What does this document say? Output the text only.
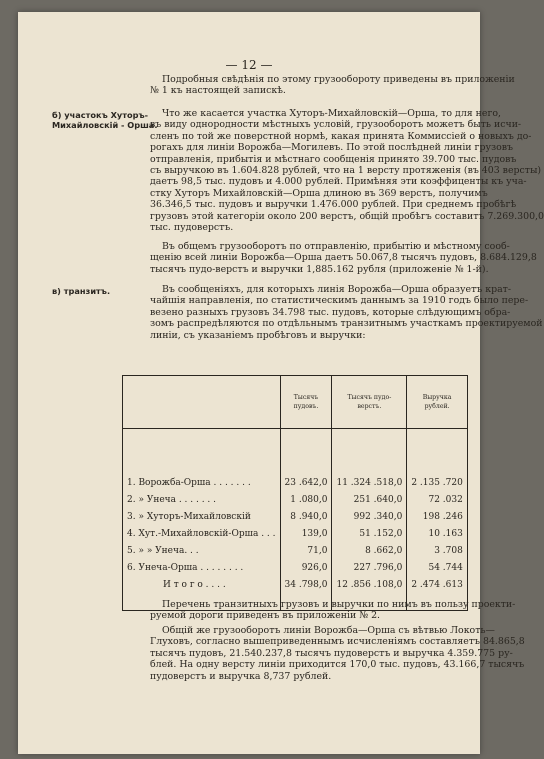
— 12 —
Подробныя свѣдѣнія по этому грузообороту приведены въ приложеніи
№ 1 къ настоящей запискѣ.
б) участокъ Хуторъ-
Михайловскій - Орша.
Что же касается участка Хуторъ-Михайловскій—Орша, то для него,
въ виду однородности мѣстныхъ условій, грузооборотъ можетъ быть исчи-
сленъ по той же поверстной нормѣ, какая принята Коммиссіей о новыхъ до-
рогахъ для линіи Ворожба—Могилевъ. По этой послѣдней линіи грузовъ
отправленія, прибытія и мѣстнаго сообщенія принято 39.700 тыс. пудовъ
съ выручкою въ 1.604.828 рублей, что на 1 версту протяженія (въ 403 версты)
даетъ 98,5 тыс. пудовъ и 4.000 рублей. Примѣняя эти коэффиценты къ уча-
стку Хуторъ Михайловскій—Орша длиною въ 369 верстъ, получимъ
36.346,5 тыс. пудовъ и выручки 1.476.000 рублей. При среднемъ пробѣгѣ
грузовъ этой категоріи около 200 верстъ, общій пробѣгъ составитъ 7.269.300,0
тыс. пудоверстъ.
Въ общемъ грузооборотъ по отправленію, прибытію и мѣстному сооб-
щенію всей линіи Ворожба—Орша даетъ 50.067,8 тысячъ пудовъ, 8.684.129,8
тысячъ пудо-верстъ и выручки 1,885.162 рубля (приложеніе № 1-й).
в) транзитъ.	Въ сообщеніяхъ, для которыхъ линія Ворожба—Орша образуетъ крат-
чайшія направленія, по статистическимъ даннымъ за 1910 годъ было пере-
везено разныхъ грузовъ 34.798 тыс. пудовъ, которые слѣдующимъ обра-
зомъ распредѣляются по отдѣльнымъ транзитнымъ участкамъ проектируемой
линіи, съ указаніемъ пробѣговъ и выручки:
	Тысячъ пудовъ.	Тысячъ пудо-верстъ.	Выручка рублей.

1. Ворожба-Орша . . . . . . .	23 .642,0	11 .324 .518,0	2 .135 .720
2. » Унеча . . . . . . .	1 .080,0	251 .640,0	72 .032
3. » Хуторъ-Михайловскій	8 .940,0	992 .340,0	198 .246
4. Хут.-Михайловскій-Орша . . .	139,0	51 .152,0	10 .163
5. » » Унеча. . .	71,0	8 .662,0	3 .708
6. Унеча-Орша . . . . . . . .	926,0	227 .796,0	54 .744
И т о г о . . . .	34 .798,0	12 .856 .108,0	2 .474 .613

Перечень транзитныхъ грузовъ и выручки по нимъ въ пользу проекти-
руемой дороги приведенъ въ приложеніи № 2.
Общій же грузооборотъ линіи Ворожба—Орша съ вѣтвью Локоть—
Глуховъ, согласно вышеприведеннымъ исчисленіямъ составляетъ 84.865,8
тысячъ пудовъ, 21.540.237,8 тысячъ пудоверстъ и выручка 4.359.775 ру-
блей. На одну версту линіи приходится 170,0 тыс. пудовъ, 43.166,7 тысячъ
пудоверстъ и выручка 8,737 рублей.
